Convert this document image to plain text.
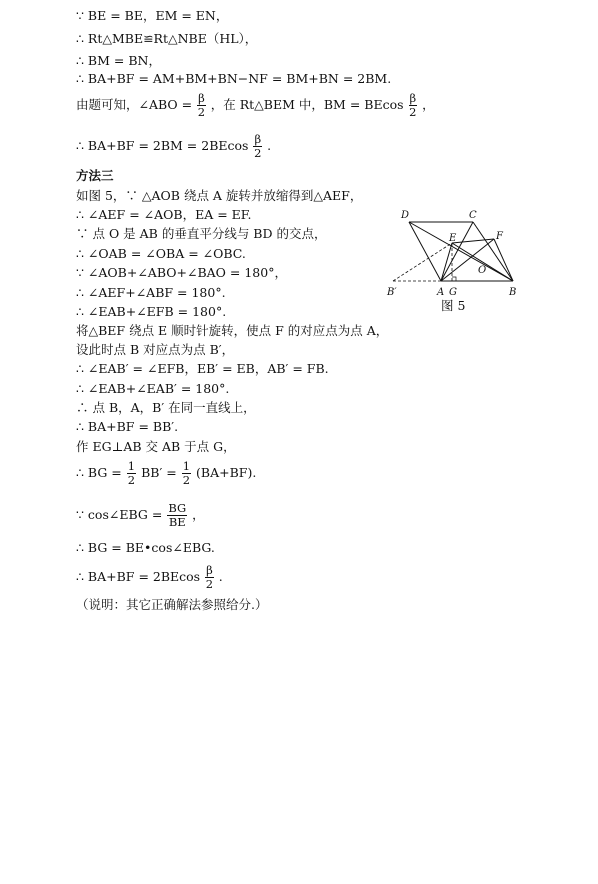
∵ BE = BE，EM = EN，
∴ Rt△MBE≌Rt△NBE（HL），
∴ BM = BN，
∴ BA+BF = AM+BM+BN−NF = BM+BN = 2BM.
由题可知，∠ABO = $\frac{\beta}{2}$ ，在 Rt△BEM 中，BM = BEcos $\frac{\beta}{2}$ ，
∴ $BA+BF = 2BM = 2BEcos \frac{\beta}{2}$ .
方法三
如图 5，∵ △AOB 绕点 A 旋转并放缩得到△AEF，
∴ ∠AEF = ∠AOB，EA = EF.
∵ 点 O 是 AB 的垂直平分线与 BD 的交点，
∴ ∠OAB = ∠OBA = ∠OBC.
∵ ∠AOB+∠ABO+∠BAO = 180°，
∴ ∠AEF+∠ABF = 180°.
∴ ∠EAB+∠EFB = 180°.
将△BEF 绕点 E 顺时针旋转，使点 F 的对应点为点 A，
设此时点 B 对应点为点 B′，
∴ ∠EAB′ = ∠EFB，EB′ = EB，AB′ = FB.
∴ ∠EAB+∠EAB′ = 180°.
∴ 点 B，A，B′ 在同一直线上，
∴ BA+BF = BB′.
作 EG⊥AB 交 AB 于点 G，
∴ BG = $\frac{1}{2} BB' = \frac{1}{2} (BA+BF)$.
∵ cos∠EBG = $\frac{BG}{BE}$ ，
∴ BG = BE•cos∠EBG.
∴ $BA+BF = 2BEcos \frac{\beta}{2}$ .
（说明：其它正确解法参照给分.）
D	C
E	F
O
B′	A G	B
图 5
